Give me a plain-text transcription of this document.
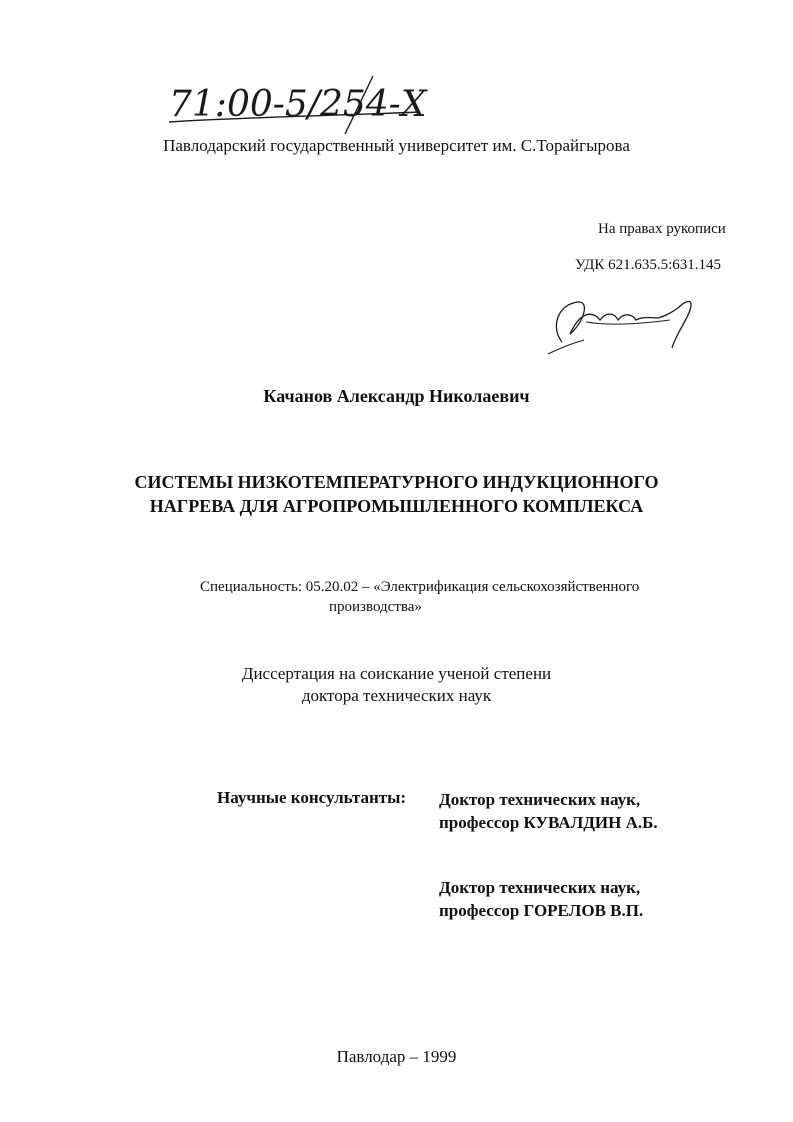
71:00-5/254-Х
Павлодарский государственный университет им. С.Торайгырова
На правах рукописи
УДК 621.635.5:631.145
Качанов Александр Николаевич
СИСТЕМЫ НИЗКОТЕМПЕРАТУРНОГО ИНДУКЦИОННОГО
НАГРЕВА ДЛЯ АГРОПРОМЫШЛЕННОГО КОМПЛЕКСА
Специальность: 05.20.02 – «Электрификация сельскохозяйственного
производства»
Диссертация на соискание ученой степени
доктора технических наук
Научные консультанты: Доктор технических наук,
профессор КУВАЛДИН А.Б.
Доктор технических наук,
профессор ГОРЕЛОВ В.П.
Павлодар – 1999
